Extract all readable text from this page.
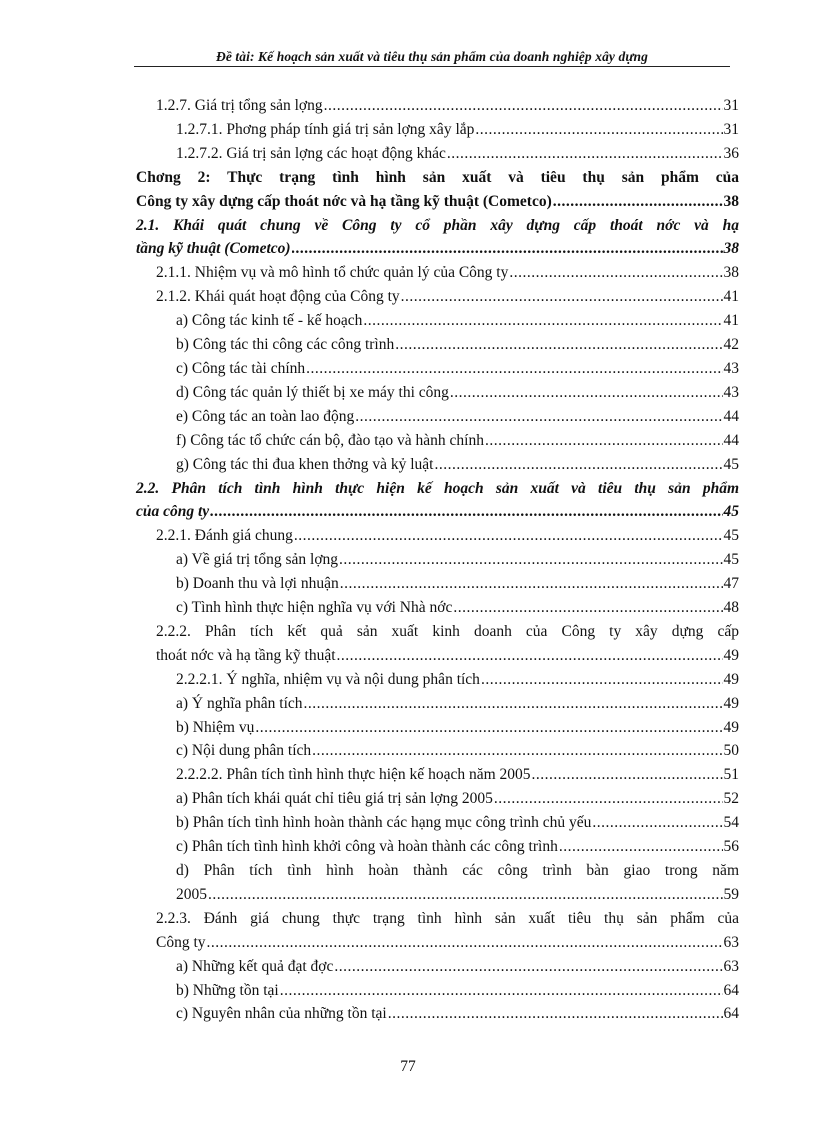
Đề tài: Kế hoạch sản xuất và tiêu thụ sản phẩm của doanh nghiệp xây dựng
1.2.7. Giá trị tổng sản lợng .....	31
1.2.7.1. Phơng pháp tính giá trị sản lợng xây lắp .....	31
1.2.7.2. Giá trị sản lợng các hoạt động khác .....	36
Chơng 2: Thực trạng tình hình sản xuất và tiêu thụ sản phẩm của
Công ty xây dựng cấp thoát nớc và hạ tầng kỹ thuật (Cometco) .....	38
2.1. Khái quát chung về Công ty cổ phần xây dựng cấp thoát nớc và hạ
tầng kỹ thuật (Cometco) .....	38
2.1.1. Nhiệm vụ và mô hình tổ chức quản lý của Công ty .....	38
2.1.2. Khái quát hoạt động của Công ty .....	41
a) Công tác kinh tế - kế hoạch .....	41
b) Công tác thi công các công trình .....	42
c) Công tác tài chính .....	43
d) Công tác quản lý thiết bị xe máy thi công .....	43
e) Công tác an toàn lao động .....	44
f) Công tác tổ chức cán bộ, đào tạo và hành chính .....	44
g) Công tác thi đua khen thởng và kỷ luật .....	45
2.2. Phân tích tình hình thực hiện kế hoạch sản xuất và tiêu thụ sản phẩm
của công ty .....	45
2.2.1. Đánh giá chung .....	45
a) Về giá trị tổng sản lợng .....	45
b) Doanh thu và lợi nhuận .....	47
c) Tình hình thực hiện nghĩa vụ với Nhà nớc .....	48
2.2.2. Phân tích kết quả sản xuất kinh doanh của Công ty xây dựng cấp
thoát nớc và hạ tầng kỹ thuật .....	49
2.2.2.1. Ý nghĩa, nhiệm vụ và nội dung phân tích .....	49
a) Ý nghĩa phân tích .....	49
b) Nhiệm vụ .....	49
c) Nội dung phân tích .....	50
2.2.2.2. Phân tích tình hình thực hiện kế hoạch năm 2005 .....	51
a) Phân tích khái quát chỉ tiêu giá trị sản lợng 2005 .....	52
b) Phân tích tình hình hoàn thành các hạng mục công trình chủ yếu .....	54
c) Phân tích tình hình khởi công và hoàn thành các công trình .....	56
d) Phân tích tình hình hoàn thành các công trình bàn giao trong năm
2005 .....	59
2.2.3. Đánh giá chung thực trạng tình hình sản xuất tiêu thụ sản phẩm của
Công ty .....	63
a) Những kết quả đạt đợc .....	63
b) Những tồn tại .....	64
c) Nguyên nhân của những tồn tại .....	64
77
